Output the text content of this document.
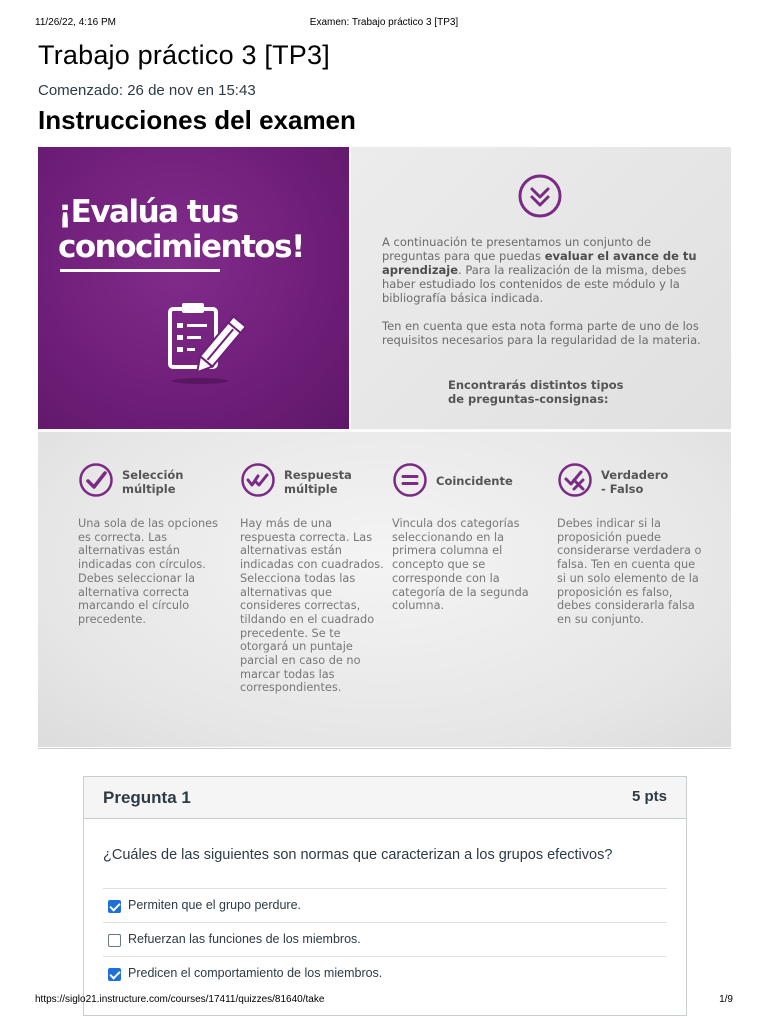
11/26/22, 4:16 PM	Examen: Trabajo práctico 3 [TP3]
Trabajo práctico 3 [TP3]
Comenzado: 26 de nov en 15:43
Instrucciones del examen
¡Evalúa tus
conocimientos!	A continuación te presentamos un conjunto de preguntas para que puedas evaluar el avance de tu aprendizaje. Para la realización de la misma, debes haber estudiado los contenidos de este módulo y la bibliografía básica indicada.

Ten en cuenta que esta nota forma parte de uno de los requisitos necesarios para la regularidad de la materia.

Encontrarás distintos tipos
de preguntas-consignas:
Selección
múltiple
Una sola de las opciones es correcta. Las alternativas están indicadas con círculos. Debes seleccionar la alternativa correcta marcando el círculo precedente.
Respuesta
múltiple
Hay más de una respuesta correcta. Las alternativas están indicadas con cuadrados. Selecciona todas las alternativas que consideres correctas, tildando en el cuadrado precedente. Se te otorgará un puntaje parcial en caso de no marcar todas las correspondientes.
Coincidente
Vincula dos categorías seleccionando en la primera columna el concepto que se corresponde con la categoría de la segunda columna.
Verdadero
- Falso
Debes indicar si la proposición puede considerarse verdadera o falsa. Ten en cuenta que si un solo elemento de la proposición es falso, debes considerarla falsa en su conjunto.
Pregunta 1	5 pts
¿Cuáles de las siguientes son normas que caracterizan a los grupos efectivos?
Permiten que el grupo perdure.
Refuerzan las funciones de los miembros.
Predicen el comportamiento de los miembros.
https://siglo21.instructure.com/courses/17411/quizzes/81640/take	1/9
